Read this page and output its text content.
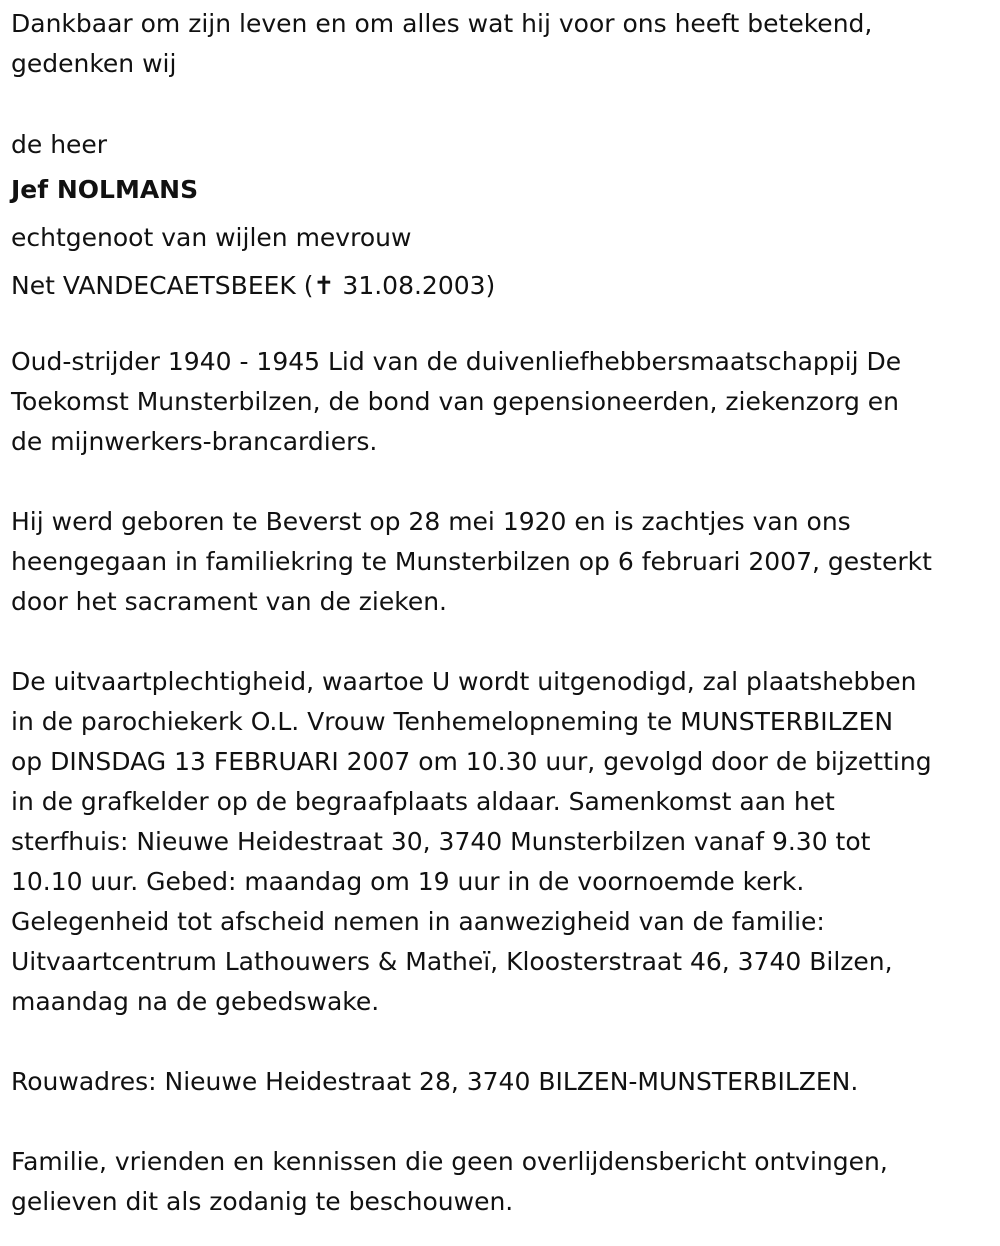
Dankbaar om zijn leven en om alles wat hij voor ons heeft betekend,
gedenken wij

de heer

Jef NOLMANS

echtgenoot van wijlen mevrouw

Net VANDECAETSBEEK (✝ 31.08.2003)

Oud-strijder 1940 - 1945 Lid van de duivenliefhebbersmaatschappij De
Toekomst Munsterbilzen, de bond van gepensioneerden, ziekenzorg en
de mijnwerkers-brancardiers.
Hij werd geboren te Beverst op 28 mei 1920 en is zachtjes van ons
heengegaan in familiekring te Munsterbilzen op 6 februari 2007, gesterkt
door het sacrament van de zieken.
De uitvaartplechtigheid, waartoe U wordt uitgenodigd, zal plaatshebben
in de parochiekerk O.L. Vrouw Tenhemelopneming te MUNSTERBILZEN
op DINSDAG 13 FEBRUARI 2007 om 10.30 uur, gevolgd door de bijzetting
in de grafkelder op de begraafplaats aldaar. Samenkomst aan het
sterfhuis: Nieuwe Heidestraat 30, 3740 Munsterbilzen vanaf 9.30 tot
10.10 uur. Gebed: maandag om 19 uur in de voornoemde kerk.
Gelegenheid tot afscheid nemen in aanwezigheid van de familie:
Uitvaartcentrum Lathouwers & Matheï, Kloosterstraat 46, 3740 Bilzen,
maandag na de gebedswake.
Rouwadres: Nieuwe Heidestraat 28, 3740 BILZEN-MUNSTERBILZEN.
Familie, vrienden en kennissen die geen overlijdensbericht ontvingen,
gelieven dit als zodanig te beschouwen.
